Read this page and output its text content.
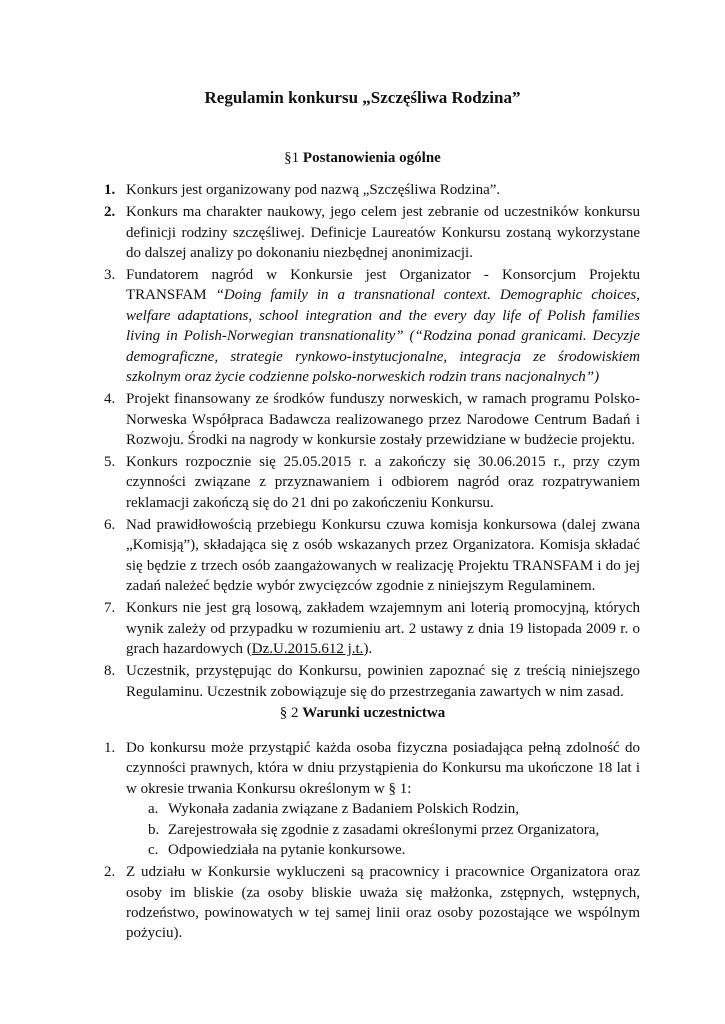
Regulamin konkursu „Szczęśliwa Rodzina”
§1 Postanowienia ogólne
1. Konkurs jest organizowany pod nazwą „Szczęśliwa Rodzina”.
2. Konkurs ma charakter naukowy, jego celem jest zebranie od uczestników konkursu definicji rodziny szczęśliwej. Definicje Laureatów Konkursu zostaną wykorzystane do dalszej analizy po dokonaniu niezbędnej anonimizacji.
3. Fundatorem nagród w Konkursie jest Organizator - Konsorcjum Projektu TRANSFAM “Doing family in a transnational context. Demographic choices, welfare adaptations, school integration and the every day life of Polish families living in Polish-Norwegian transnationality” (“Rodzina ponad granicami. Decyzje demograficzne, strategie rynkowo-instytucjonalne, integracja ze środowiskiem szkolnym oraz życie codzienne polsko-norweskich rodzin trans nacjonalnych”)
4. Projekt finansowany ze środków funduszy norweskich, w ramach programu Polsko-Norweska Współpraca Badawcza realizowanego przez Narodowe Centrum Badań i Rozwoju. Środki na nagrody w konkursie zostały przewidziane w budżecie projektu.
5. Konkurs rozpocznie się 25.05.2015 r. a zakończy się 30.06.2015 r., przy czym czynności związane z przyznawaniem i odbiorem nagród oraz rozpatrywaniem reklamacji zakończą się do 21 dni po zakończeniu Konkursu.
6. Nad prawidłowością przebiegu Konkursu czuwa komisja konkursowa (dalej zwana „Komisją”), składająca się z osób wskazanych przez Organizatora. Komisja składać się będzie z trzech osób zaangażowanych w realizację Projektu TRANSFAM i do jej zadań należeć będzie wybór zwycięzców zgodnie z niniejszym Regulaminem.
7. Konkurs nie jest grą losową, zakładem wzajemnym ani loterią promocyjną, których wynik zależy od przypadku w rozumieniu art. 2 ustawy z dnia 19 listopada 2009 r. o grach hazardowych (Dz.U.2015.612 j.t.).
8. Uczestnik, przystępując do Konkursu, powinien zapoznać się z treścią niniejszego Regulaminu. Uczestnik zobowiązuje się do przestrzegania zawartych w nim zasad.
§ 2 Warunki uczestnictwa
1. Do konkursu może przystąpić każda osoba fizyczna posiadająca pełną zdolność do czynności prawnych, która w dniu przystąpienia do Konkursu ma ukończone 18 lat i w okresie trwania Konkursu określonym w § 1:
a. Wykonała zadania związane z Badaniem Polskich Rodzin,
b. Zarejestrowała się zgodnie z zasadami określonymi przez Organizatora,
c. Odpowiedziała na pytanie konkursowe.
2. Z udziału w Konkursie wykluczeni są pracownicy i pracownice Organizatora oraz osoby im bliskie (za osoby bliskie uważa się małżonka, zstępnych, wstępnych, rodzeństwo, powinowatych w tej samej linii oraz osoby pozostające we wspólnym pożyciu).
